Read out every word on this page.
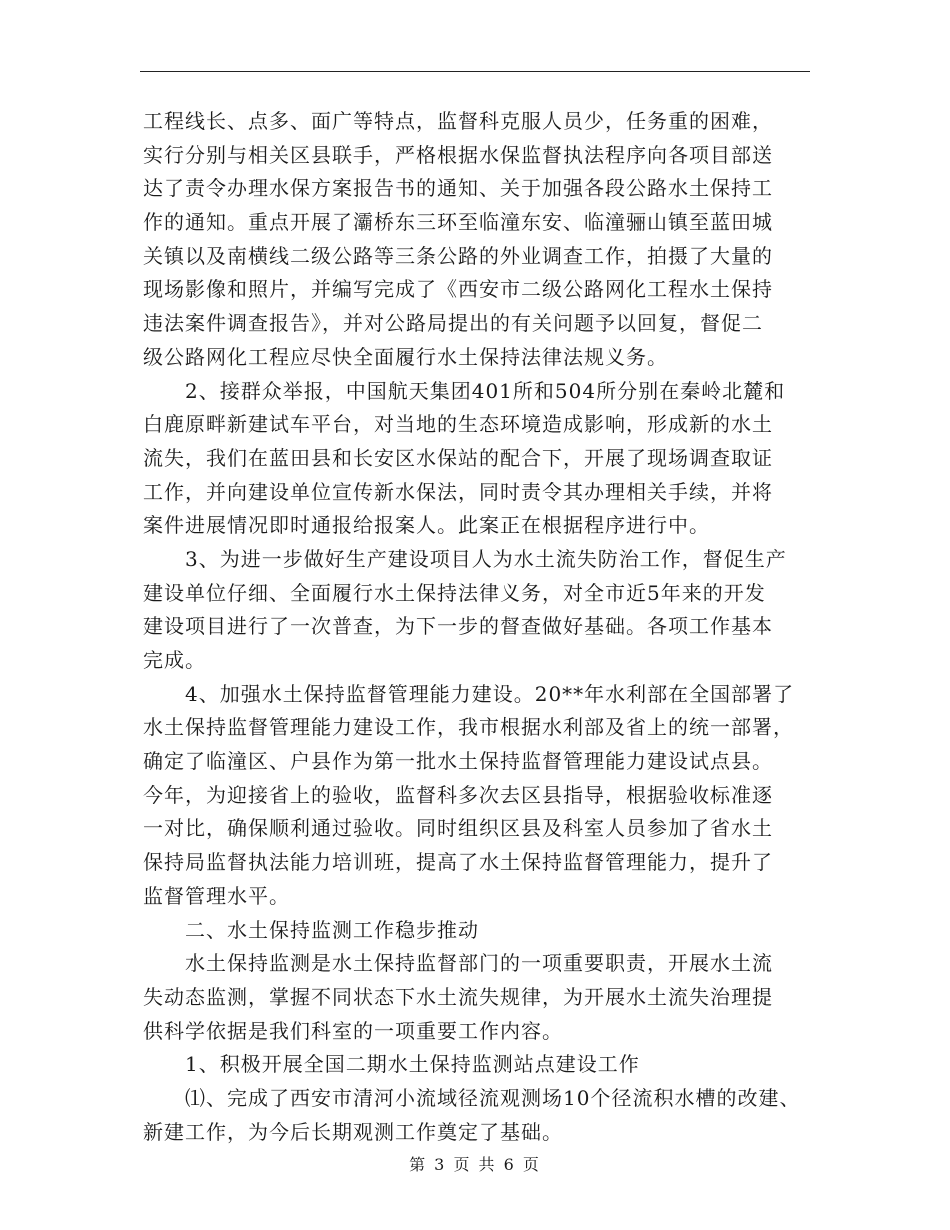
工程线长、点多、面广等特点，监督科克服人员少，任务重的困难，
实行分别与相关区县联手，严格根据水保监督执法程序向各项目部送
达了责令办理水保方案报告书的通知、关于加强各段公路水土保持工
作的通知。重点开展了灞桥东三环至临潼东安、临潼骊山镇至蓝田城
关镇以及南横线二级公路等三条公路的外业调查工作，拍摄了大量的
现场影像和照片，并编写完成了《西安市二级公路网化工程水土保持
违法案件调查报告》，并对公路局提出的有关问题予以回复，督促二
级公路网化工程应尽快全面履行水土保持法律法规义务。
　　2、接群众举报，中国航天集团401所和504所分别在秦岭北麓和
白鹿原畔新建试车平台，对当地的生态环境造成影响，形成新的水土
流失，我们在蓝田县和长安区水保站的配合下，开展了现场调查取证
工作，并向建设单位宣传新水保法，同时责令其办理相关手续，并将
案件进展情况即时通报给报案人。此案正在根据程序进行中。
　　3、为进一步做好生产建设项目人为水土流失防治工作，督促生产
建设单位仔细、全面履行水土保持法律义务，对全市近5年来的开发
建设项目进行了一次普查，为下一步的督查做好基础。各项工作基本
完成。
　　4、加强水土保持监督管理能力建设。20**年水利部在全国部署了
水土保持监督管理能力建设工作，我市根据水利部及省上的统一部署，
确定了临潼区、户县作为第一批水土保持监督管理能力建设试点县。
今年，为迎接省上的验收，监督科多次去区县指导，根据验收标准逐
一对比，确保顺利通过验收。同时组织区县及科室人员参加了省水土
保持局监督执法能力培训班，提高了水土保持监督管理能力，提升了
监督管理水平。
　　二、水土保持监测工作稳步推动
　　水土保持监测是水土保持监督部门的一项重要职责，开展水土流
失动态监测，掌握不同状态下水土流失规律，为开展水土流失治理提
供科学依据是我们科室的一项重要工作内容。
　　1、积极开展全国二期水土保持监测站点建设工作
　　⑴、完成了西安市清河小流域径流观测场10个径流积水槽的改建、
新建工作，为今后长期观测工作奠定了基础。
第 3 页 共 6 页
